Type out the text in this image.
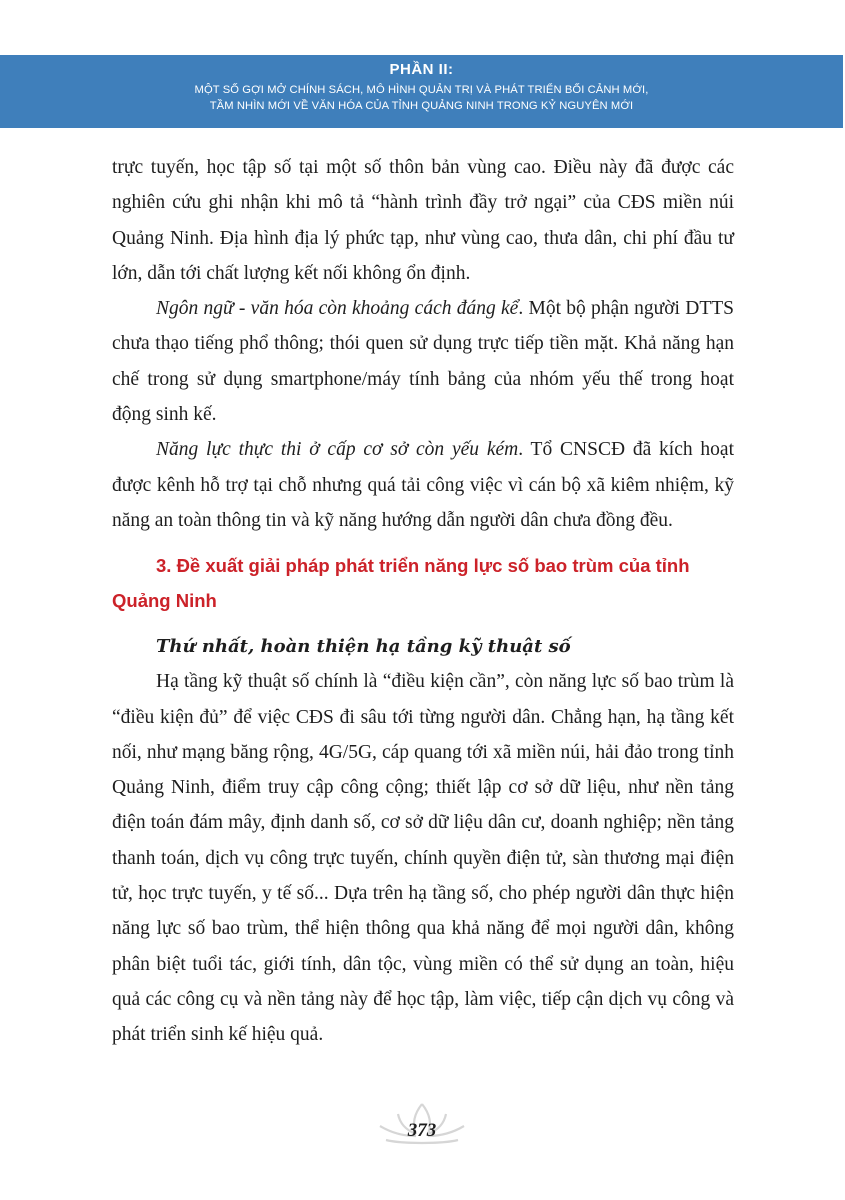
PHẦN II:
MỘT SỐ GỢI MỞ CHÍNH SÁCH, MÔ HÌNH QUẢN TRỊ VÀ PHÁT TRIỂN BỐI CẢNH MỚI,
TẦM NHÌN MỚI VỀ VĂN HÓA CỦA TỈNH QUẢNG NINH TRONG KỶ NGUYÊN MỚI

trực tuyến, học tập số tại một số thôn bản vùng cao. Điều này đã được các nghiên cứu ghi nhận khi mô tả “hành trình đầy trở ngại” của CĐS miền núi Quảng Ninh. Địa hình địa lý phức tạp, như vùng cao, thưa dân, chi phí đầu tư lớn, dẫn tới chất lượng kết nối không ổn định.

Ngôn ngữ - văn hóa còn khoảng cách đáng kể. Một bộ phận người DTTS chưa thạo tiếng phổ thông; thói quen sử dụng trực tiếp tiền mặt. Khả năng hạn chế trong sử dụng smartphone/máy tính bảng của nhóm yếu thế trong hoạt động sinh kế.

Năng lực thực thi ở cấp cơ sở còn yếu kém. Tổ CNSCĐ đã kích hoạt được kênh hỗ trợ tại chỗ nhưng quá tải công việc vì cán bộ xã kiêm nhiệm, kỹ năng an toàn thông tin và kỹ năng hướng dẫn người dân chưa đồng đều.

3. Đề xuất giải pháp phát triển năng lực số bao trùm của tỉnh
Quảng Ninh
Thứ nhất, hoàn thiện hạ tầng kỹ thuật số

Hạ tầng kỹ thuật số chính là “điều kiện cần”, còn năng lực số bao trùm là “điều kiện đủ” để việc CĐS đi sâu tới từng người dân. Chẳng hạn, hạ tầng kết nối, như mạng băng rộng, 4G/5G, cáp quang tới xã miền núi, hải đảo trong tỉnh Quảng Ninh, điểm truy cập công cộng; thiết lập cơ sở dữ liệu, như nền tảng điện toán đám mây, định danh số, cơ sở dữ liệu dân cư, doanh nghiệp; nền tảng thanh toán, dịch vụ công trực tuyến, chính quyền điện tử, sàn thương mại điện tử, học trực tuyến, y tế số... Dựa trên hạ tầng số, cho phép người dân thực hiện năng lực số bao trùm, thể hiện thông qua khả năng để mọi người dân, không phân biệt tuổi tác, giới tính, dân tộc, vùng miền có thể sử dụng an toàn, hiệu quả các công cụ và nền tảng này để học tập, làm việc, tiếp cận dịch vụ công và phát triển sinh kế hiệu quả.

373
